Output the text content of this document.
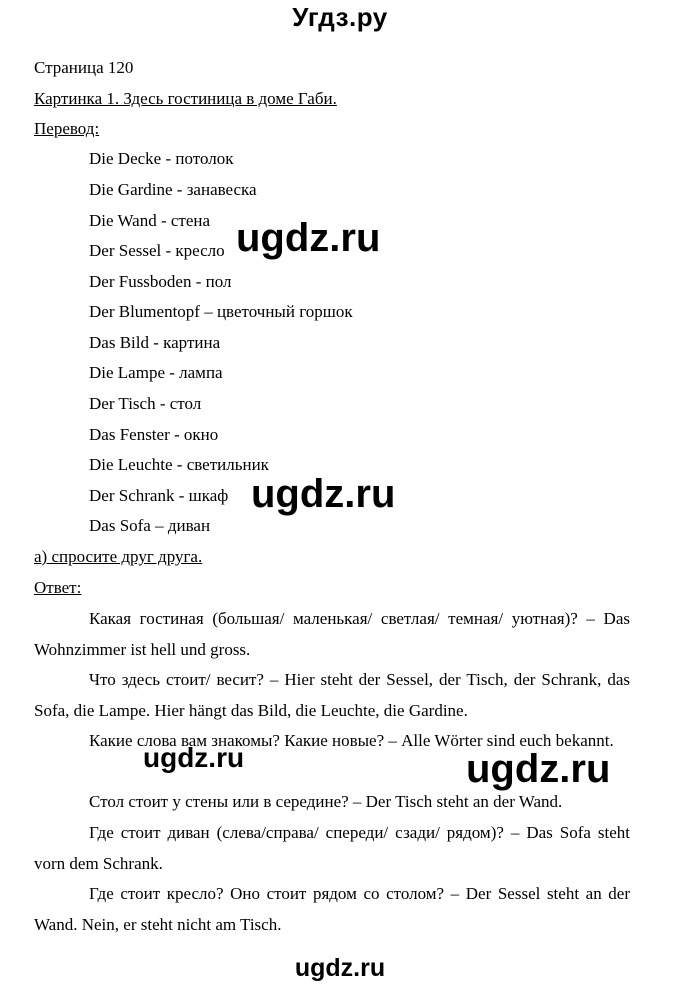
Угдз.ру
Страница 120
Картинка 1. Здесь гостиница в доме Габи.
Перевод:
Die Decke - потолок
Die Gardine - занавеска
Die Wand - стена
Der Sessel - кресло
Der Fussboden - пол
Der Blumentopf – цветочный горшок
Das Bild - картина
Die Lampe - лампа
Der Tisch - стол
Das Fenster - окно
Die Leuchte - светильник
Der Schrank - шкаф
Das Sofa – диван
а) спросите друг друга.
Ответ:
Какая гостиная (большая/ маленькая/ светлая/ темная/ уютная)? – Das Wohnzimmer ist hell und gross.
Что здесь стоит/ весит? – Hier steht der Sessel, der Tisch, der Schrank, das Sofa, die Lampe. Hier hängt das Bild, die Leuchte, die Gardine.
Какие слова вам знакомы? Какие новые? – Alle Wörter sind euch bekannt.
Стол стоит у стены или в середине? – Der Tisch steht an der Wand.
Где стоит диван (слева/справа/ спереди/ сзади/ рядом)? – Das Sofa steht vorn dem Schrank.
Где стоит кресло? Оно стоит рядом со столом? – Der Sessel steht an der Wand. Nein, er steht nicht am Tisch.
ugdz.ru
ugdz.ru
ugdz.ru	ugdz.ru
ugdz.ru
